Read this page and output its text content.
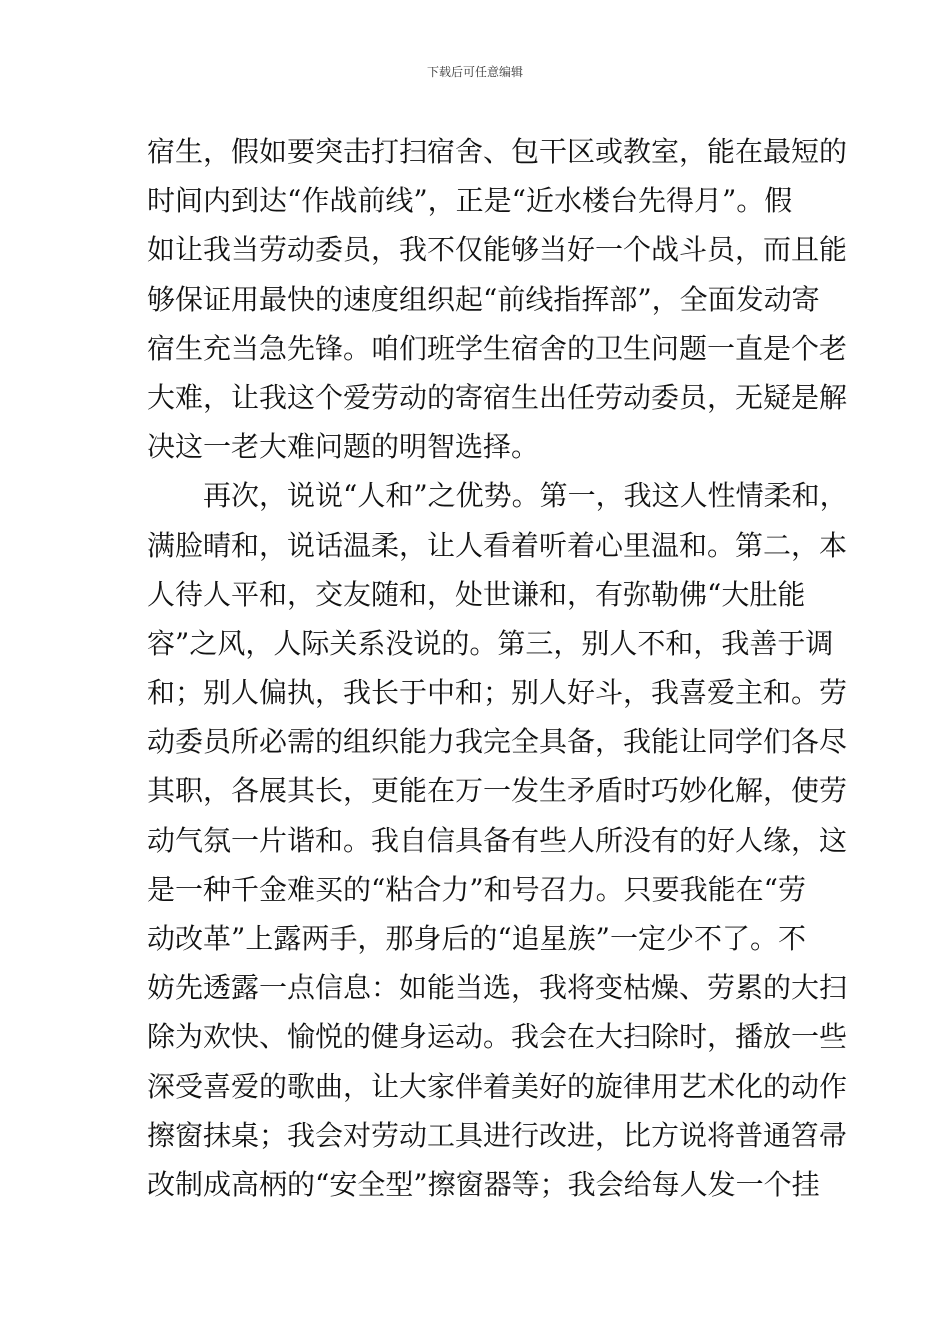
下载后可任意编辑
宿生，假如要突击打扫宿舍、包干区或教室，能在最短的
时间内到达“作战前线”，正是“近水楼台先得月”。假
如让我当劳动委员，我不仅能够当好一个战斗员，而且能
够保证用最快的速度组织起“前线指挥部”，全面发动寄
宿生充当急先锋。咱们班学生宿舍的卫生问题一直是个老
大难，让我这个爱劳动的寄宿生出任劳动委员，无疑是解
决这一老大难问题的明智选择。
　　再次，说说“人和”之优势。第一，我这人性情柔和，
满脸晴和，说话温柔，让人看着听着心里温和。第二，本
人待人平和，交友随和，处世谦和，有弥勒佛“大肚能
容”之风，人际关系没说的。第三，别人不和，我善于调
和；别人偏执，我长于中和；别人好斗，我喜爱主和。劳
动委员所必需的组织能力我完全具备，我能让同学们各尽
其职，各展其长，更能在万一发生矛盾时巧妙化解，使劳
动气氛一片谐和。我自信具备有些人所没有的好人缘，这
是一种千金难买的“粘合力”和号召力。只要我能在“劳
动改革”上露两手，那身后的“追星族”一定少不了。不
妨先透露一点信息：如能当选，我将变枯燥、劳累的大扫
除为欢快、愉悦的健身运动。我会在大扫除时，播放一些
深受喜爱的歌曲，让大家伴着美好的旋律用艺术化的动作
擦窗抹桌；我会对劳动工具进行改进，比方说将普通笤帚
改制成高柄的“安全型”擦窗器等；我会给每人发一个挂
